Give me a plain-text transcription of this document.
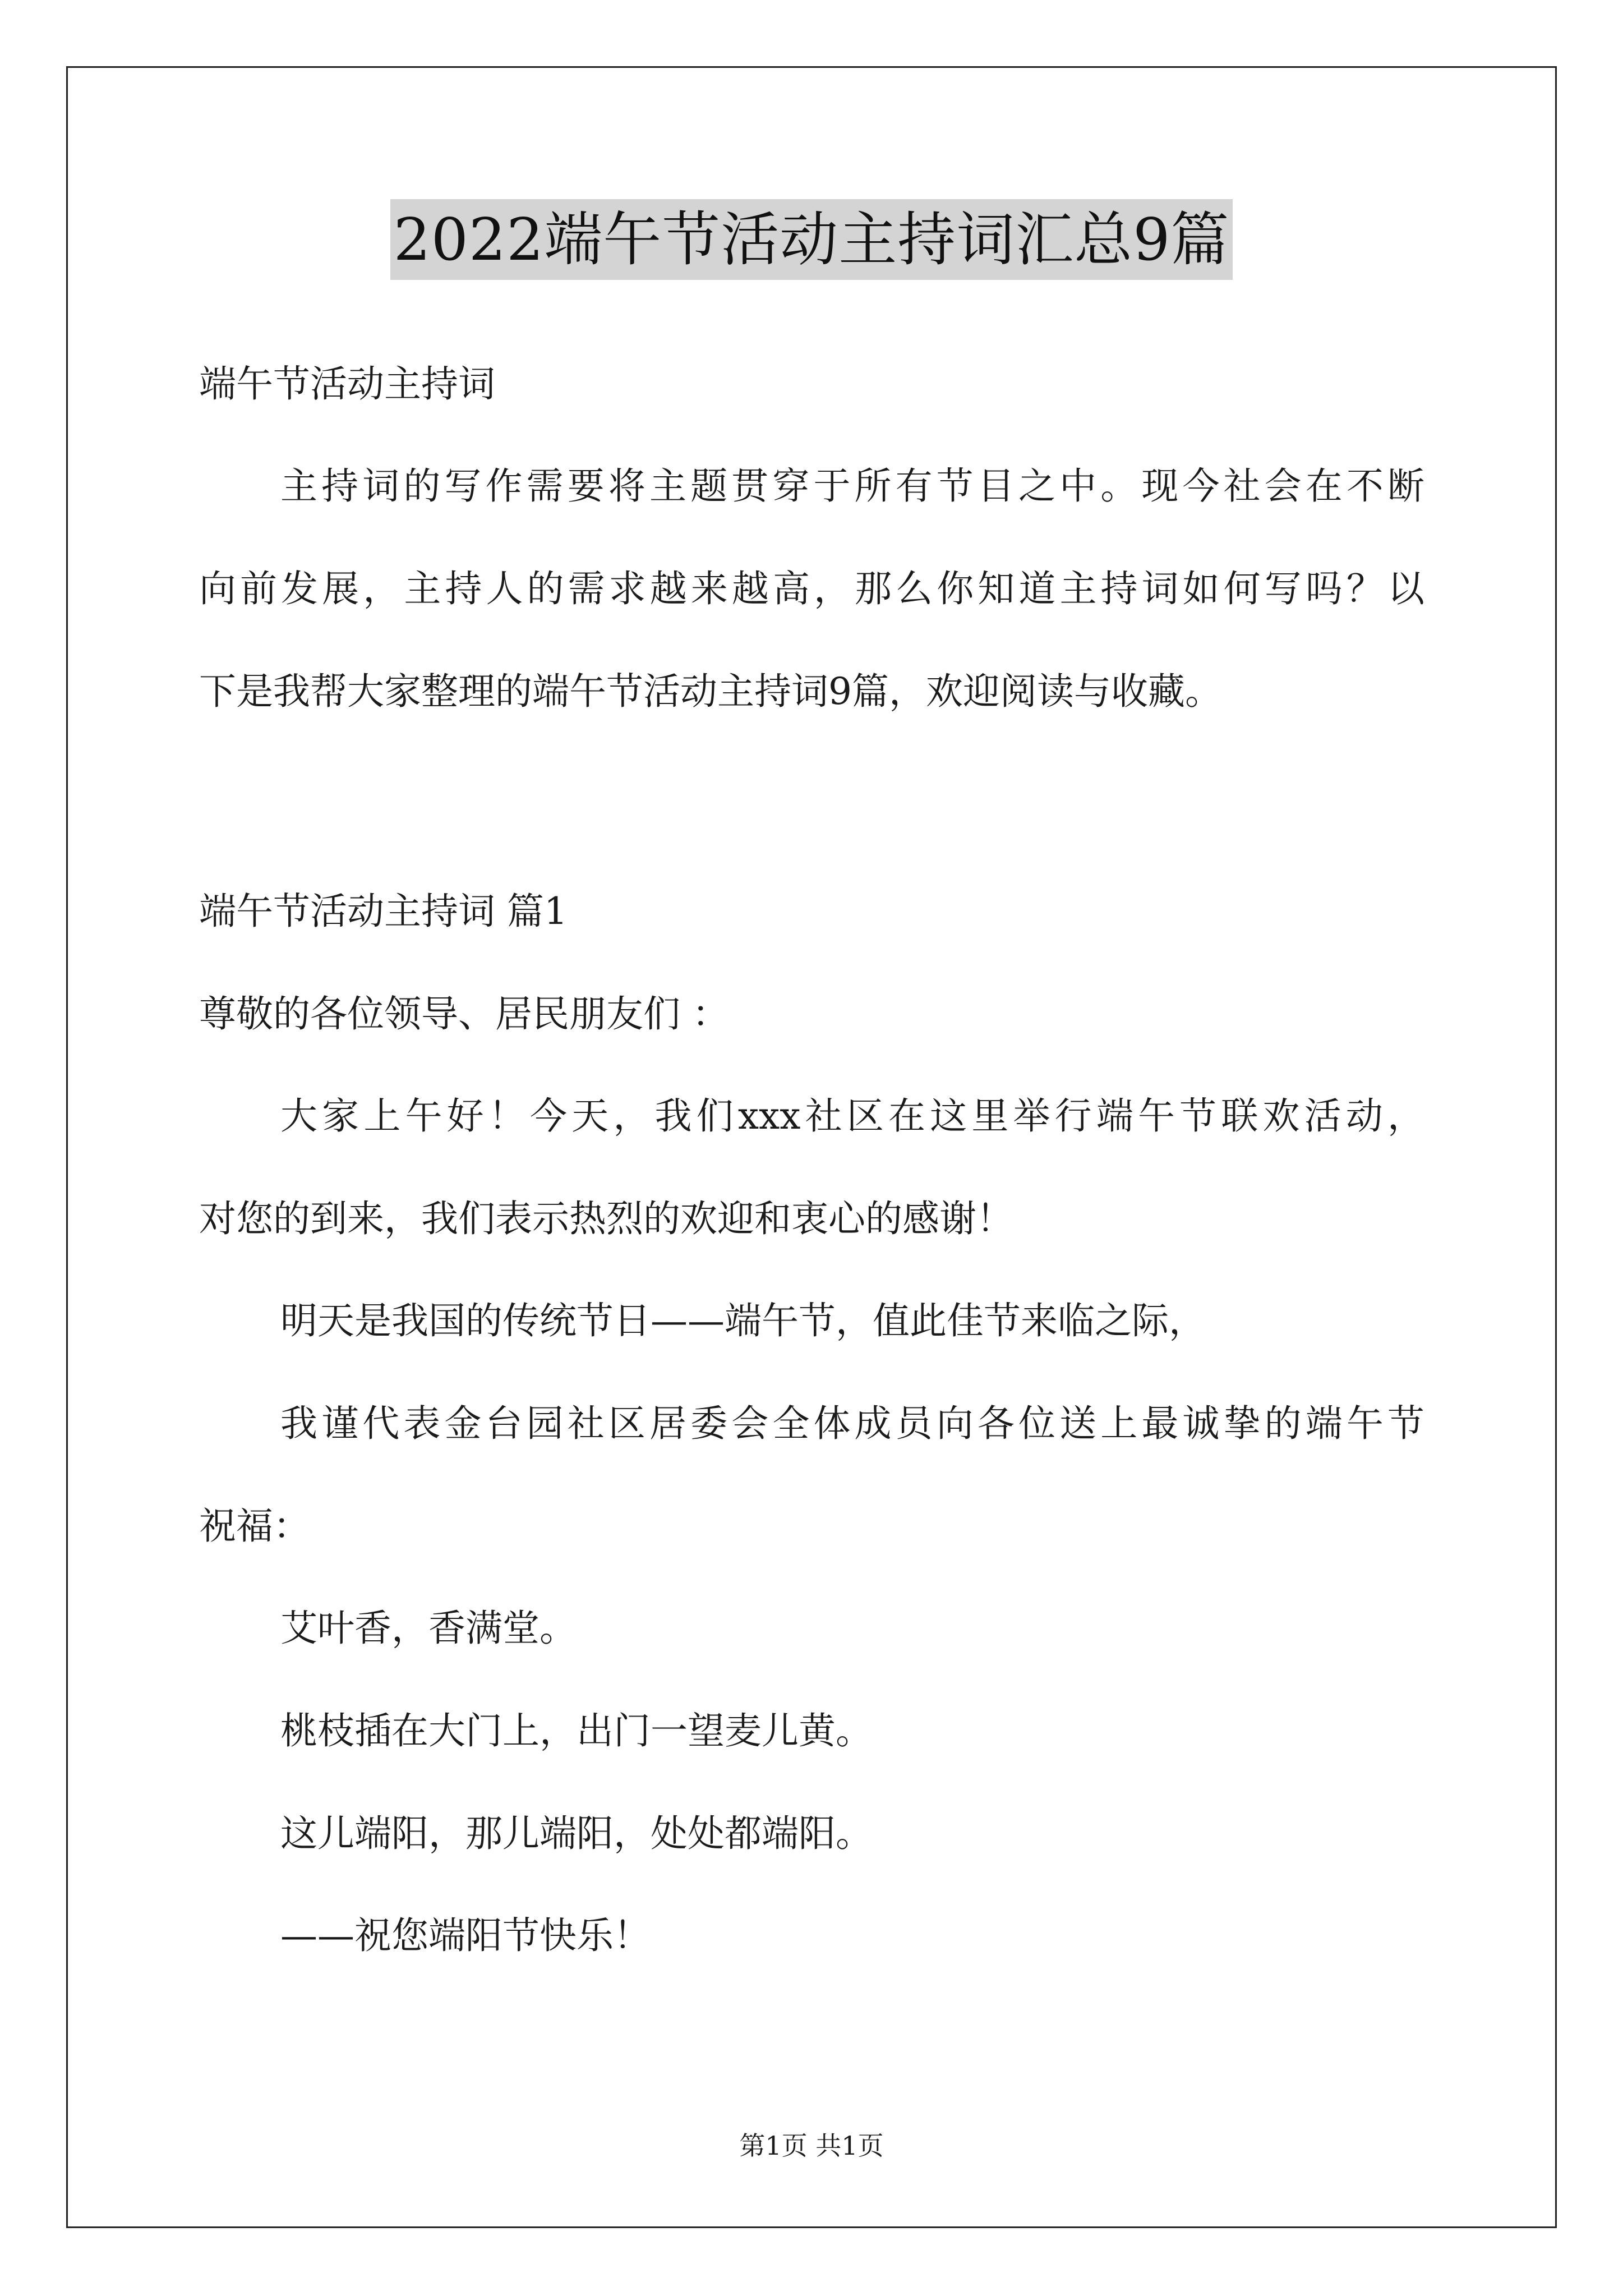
2022端午节活动主持词汇总9篇
端午节活动主持词
主持词的写作需要将主题贯穿于所有节目之中。现今社会在不断
向前发展，主持人的需求越来越高，那么你知道主持词如何写吗？以
下是我帮大家整理的端午节活动主持词9篇，欢迎阅读与收藏。
端午节活动主持词 篇1
尊敬的各位领导、居民朋友们 ：
大家上午好！今天，我们xxx社区在这里举行端午节联欢活动，
对您的到来，我们表示热烈的欢迎和衷心的感谢！
明天是我国的传统节日——端午节，值此佳节来临之际，
我谨代表金台园社区居委会全体成员向各位送上最诚挚的端午节
祝福：
艾叶香，香满堂。
桃枝插在大门上，出门一望麦儿黄。
这儿端阳，那儿端阳，处处都端阳。
——祝您端阳节快乐！
第1页 共1页
